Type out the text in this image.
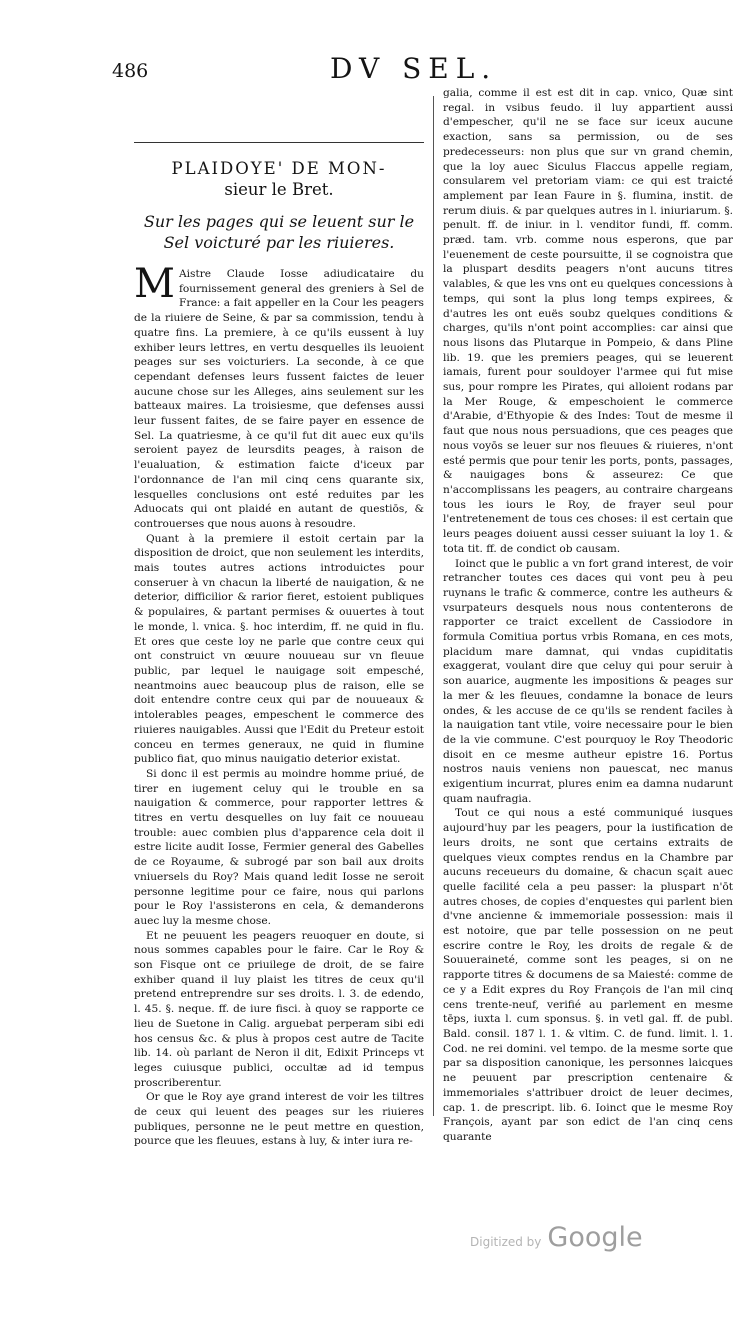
486	DV SEL.
PLAIDOYE' DE MON-
sieur le Bret.
Sur les pages qui se leuent sur le Sel voicturé par les riuieres.

M Aistre Claude Iosse adiudicataire du fournissement general des greniers à Sel de France: a fait appeller en la Cour les peagers de la riuiere de Seine, & par sa commission, tendu à quatre fins. La premiere, à ce qu'ils eussent à luy exhiber leurs lettres, en vertu desquelles ils leuoient peages sur ses voicturiers. La seconde, à ce que cependant defenses leurs fussent faictes de leuer aucune chose sur les Alleges, ains seulement sur les batteaux maires. La troisiesme, que defenses aussi leur fussent faites, de se faire payer en essence de Sel. La quatriesme, à ce qu'il fut dit auec eux qu'ils seroient payez de leursdits peages, à raison de l'eualuation, & estimation faicte d'iceux par l'ordonnance de l'an mil cinq cens quarante six, lesquelles conclusions ont esté reduites par les Aduocats qui ont plaidé en autant de questiōs, & controuerses que nous auons à resoudre.

Quant à la premiere il estoit certain par la disposition de droict, que non seulement les interdits, mais toutes autres actions introduictes pour conseruer à vn chacun la liberté de nauigation, & ne deterior, difficilior & rarior fieret, estoient publiques & populaires, & partant permises & ouuertes à tout le monde, l. vnica. §. hoc interdim, ff. ne quid in flu. Et ores que ceste loy ne parle que contre ceux qui ont construict vn œuure nouueau sur vn fleuue public, par lequel le nauigage soit empesché, neantmoins auec beaucoup plus de raison, elle se doit entendre contre ceux qui par de nouueaux & intolerables peages, empeschent le commerce des riuieres nauigables. Aussi que l'Edit du Preteur estoit conceu en termes generaux, ne quid in flumine publico fiat, quo minus nauigatio deterior existat.

Si donc il est permis au moindre homme priué, de tirer en iugement celuy qui le trouble en sa nauigation & commerce, pour rapporter lettres & titres en vertu desquelles on luy fait ce nouueau trouble: auec combien plus d'apparence cela doit il estre licite audit Iosse, Fermier general des Gabelles de ce Royaume, & subrogé par son bail aux droits vniuersels du Roy? Mais quand ledit Iosse ne seroit personne legitime pour ce faire, nous qui parlons pour le Roy l'assisterons en cela, & demanderons auec luy la mesme chose.

Et ne peuuent les peagers reuoquer en doute, si nous sommes capables pour le faire. Car le Roy & son Fisque ont ce priuilege de droit, de se faire exhiber quand il luy plaist les titres de ceux qu'il pretend entreprendre sur ses droits. l. 3. de edendo, l. 45. §. neque. ff. de iure fisci. à quoy se rapporte ce lieu de Suetone in Calig. arguebat perperam sibi edi hos census &c. & plus à propos cest autre de Tacite lib. 14. où parlant de Neron il dit, Edixit Princeps vt leges cuiusque publici, occultæ ad id tempus proscriberentur.

Or que le Roy aye grand interest de voir les tiltres de ceux qui leuent des peages sur les riuieres publiques, personne ne le peut mettre en question, pource que les fleuues, estans à luy, & inter iura re-

galia, comme il est est dit in cap. vnico, Quæ sint regal. in vsibus feudo. il luy appartient aussi d'empescher, qu'il ne se face sur iceux aucune exaction, sans sa permission, ou de ses predecesseurs: non plus que sur vn grand chemin, que la loy auec Siculus Flaccus appelle regiam, consularem vel pretoriam viam: ce qui est traicté amplement par Iean Faure in §. flumina, instit. de rerum diuis. & par quelques autres in l. iniuriarum. §. penult. ff. de iniur. in l. venditor fundi, ff. comm. præd. tam. vrb. comme nous esperons, que par l'euenement de ceste poursuitte, il se cognoistra que la pluspart desdits peagers n'ont aucuns titres valables, & que les vns ont eu quelques concessions à temps, qui sont la plus long temps expirees, & d'autres les ont euës soubz quelques conditions & charges, qu'ils n'ont point accomplies: car ainsi que nous lisons das Plutarque in Pompeio, & dans Pline lib. 19. que les premiers peages, qui se leuerent iamais, furent pour souldoyer l'armee qui fut mise sus, pour rompre les Pirates, qui alloient rodans par la Mer Rouge, & empeschoient le commerce d'Arabie, d'Ethyopie & des Indes: Tout de mesme il faut que nous nous persuadions, que ces peages que nous voyōs se leuer sur nos fleuues & riuieres, n'ont esté permis que pour tenir les ports, ponts, passages, & nauigages bons & asseurez: Ce que n'accomplissans les peagers, au contraire chargeans tous les iours le Roy, de frayer seul pour l'entretenement de tous ces choses: il est certain que leurs peages doiuent aussi cesser suiuant la loy 1. & tota tit. ff. de condict ob causam.

Ioinct que le public a vn fort grand interest, de voir retrancher toutes ces daces qui vont peu à peu ruynans le trafic & commerce, contre les autheurs & vsurpateurs desquels nous nous contenterons de rapporter ce traict excellent de Cassiodore in formula Comitiua portus vrbis Romana, en ces mots, placidum mare damnat, qui vndas cupiditatis exaggerat, voulant dire que celuy qui pour seruir à son auarice, augmente les impositions & peages sur la mer & les fleuues, condamne la bonace de leurs ondes, & les accuse de ce qu'ils se rendent faciles à la nauigation tant vtile, voire necessaire pour le bien de la vie commune. C'est pourquoy le Roy Theodoric disoit en ce mesme autheur epistre 16. Portus nostros nauis veniens non pauescat, nec manus exigentium incurrat, plures enim ea damna nudarunt quam naufragia.

Tout ce qui nous a esté communiqué iusques aujourd'huy par les peagers, pour la iustification de leurs droits, ne sont que certains extraits de quelques vieux comptes rendus en la Chambre par aucuns receueurs du domaine, & chacun sçait auec quelle facilité cela a peu passer: la pluspart n'ōt autres choses, de copies d'enquestes qui parlent bien d'vne ancienne & immemoriale possession: mais il est notoire, que par telle possession on ne peut escrire contre le Roy, les droits de regale & de Souueraineté, comme sont les peages, si on ne rapporte titres & documens de sa Maiesté: comme de ce y a Edit expres du Roy François de l'an mil cinq cens trente-neuf, verifié au parlement en mesme tēps, iuxta l. cum sponsus. §. in vetl gal. ff. de publ. Bald. consil. 187 l. 1. & vltim. C. de fund. limit. l. 1. Cod. ne rei domini. vel tempo. de la mesme sorte que par sa disposition canonique, les personnes laicques ne peuuent par prescription centenaire & immemoriales s'attribuer droict de leuer decimes, cap. 1. de prescript. lib. 6. Ioinct que le mesme Roy François, ayant par son edict de l'an cinq cens quarante

Digitized by Google
